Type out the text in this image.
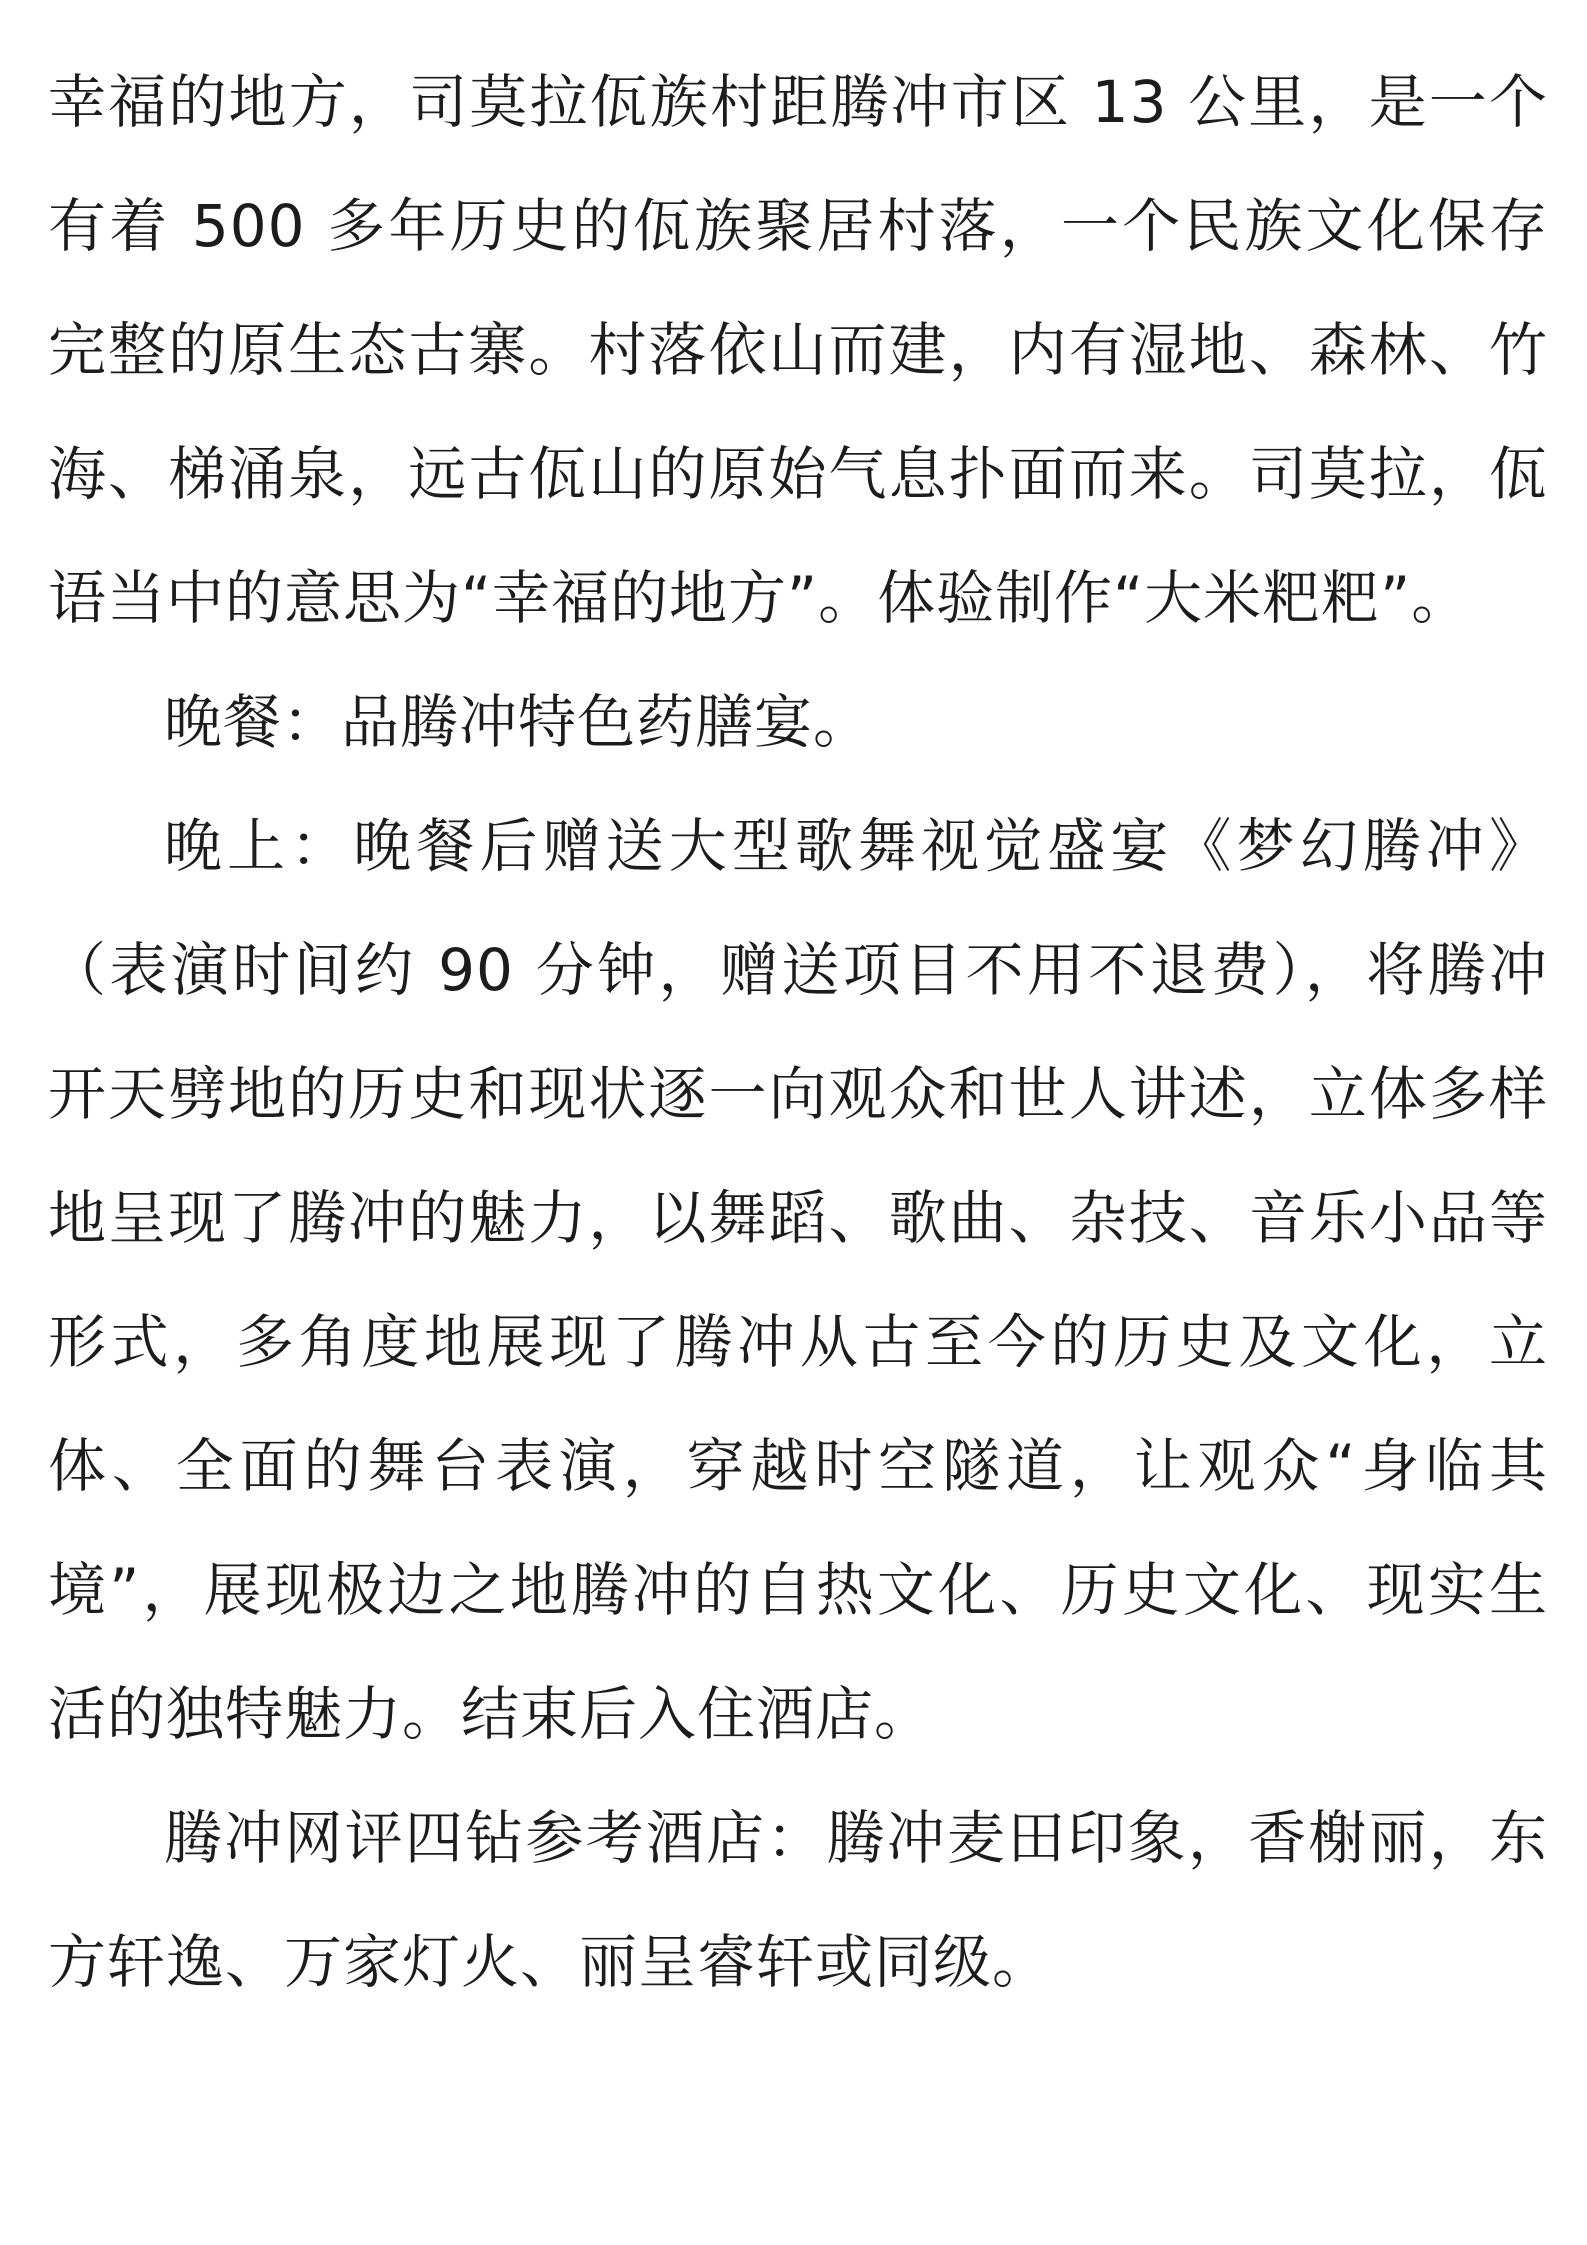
幸福的地方，司莫拉佤族村距腾冲市区 13 公里，是一个有着 500 多年历史的佤族聚居村落，一个民族文化保存完整的原生态古寨。村落依山而建，内有湿地、森林、竹海、梯涌泉，远古佤山的原始气息扑面而来。司莫拉，佤语当中的意思为“幸福的地方”。体验制作“大米粑粑”。

晚餐：品腾冲特色药膳宴。

晚上：晚餐后赠送大型歌舞视觉盛宴《梦幻腾冲》（表演时间约 90 分钟，赠送项目不用不退费），将腾冲开天劈地的历史和现状逐一向观众和世人讲述，立体多样地呈现了腾冲的魅力，以舞蹈、歌曲、杂技、音乐小品等形式，多角度地展现了腾冲从古至今的历史及文化，立体、全面的舞台表演，穿越时空隧道，让观众“身临其境”，展现极边之地腾冲的自热文化、历史文化、现实生活的独特魅力。结束后入住酒店。

腾冲网评四钻参考酒店：腾冲麦田印象，香榭丽，东方轩逸、万家灯火、丽呈睿轩或同级。
